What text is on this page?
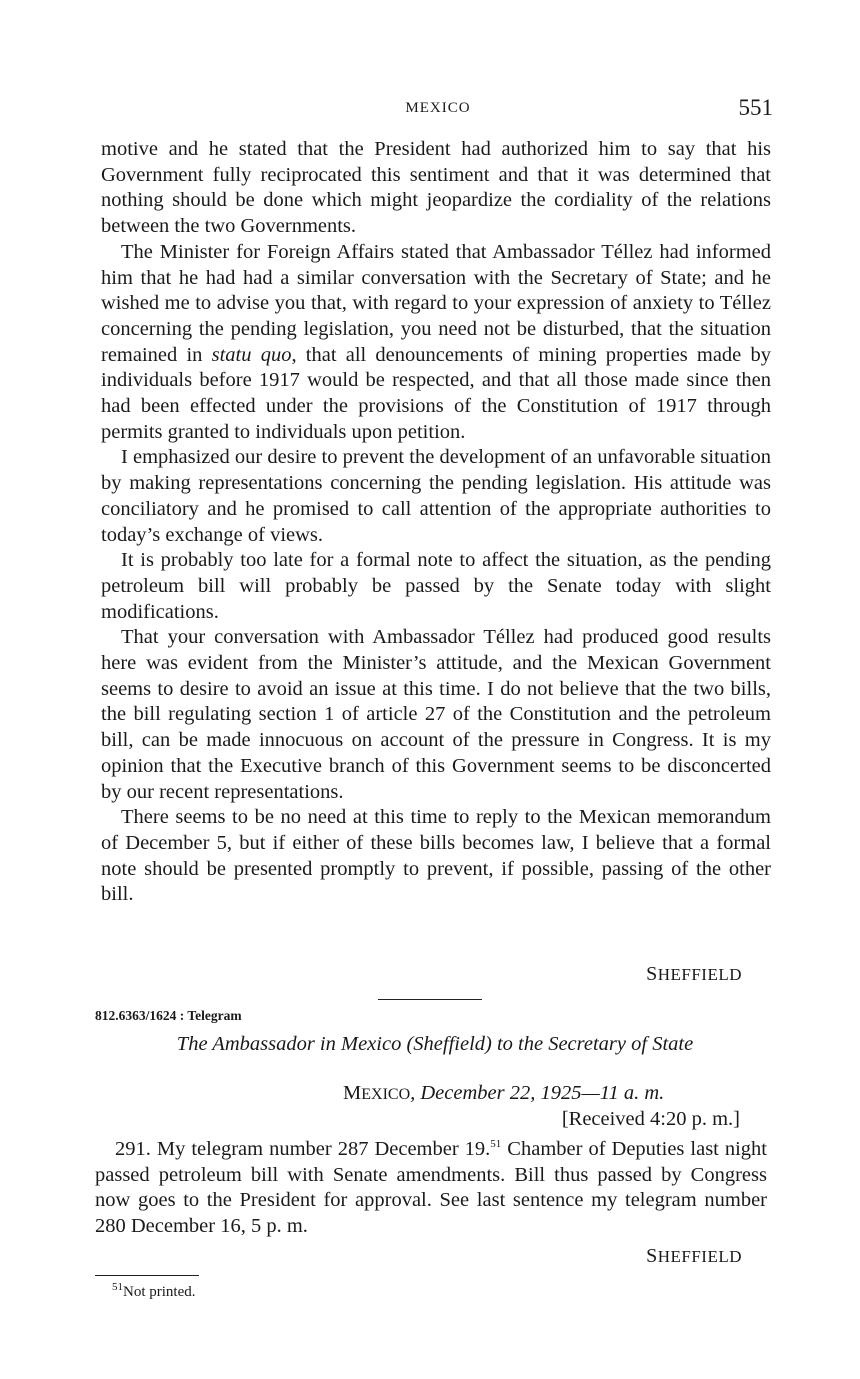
MEXICO	551

motive and he stated that the President had authorized him to say that his Government fully reciprocated this sentiment and that it was determined that nothing should be done which might jeopardize the cordiality of the relations between the two Governments.

The Minister for Foreign Affairs stated that Ambassador Téllez had informed him that he had had a similar conversation with the Secretary of State; and he wished me to advise you that, with regard to your expression of anxiety to Téllez concerning the pending legislation, you need not be disturbed, that the situation remained in statu quo, that all denouncements of mining properties made by individuals before 1917 would be respected, and that all those made since then had been effected under the provisions of the Constitution of 1917 through permits granted to individuals upon petition.

I emphasized our desire to prevent the development of an unfavorable situation by making representations concerning the pending legislation. His attitude was conciliatory and he promised to call attention of the appropriate authorities to today’s exchange of views.

It is probably too late for a formal note to affect the situation, as the pending petroleum bill will probably be passed by the Senate today with slight modifications.

That your conversation with Ambassador Téllez had produced good results here was evident from the Minister’s attitude, and the Mexican Government seems to desire to avoid an issue at this time. I do not believe that the two bills, the bill regulating section 1 of article 27 of the Constitution and the petroleum bill, can be made innocuous on account of the pressure in Congress. It is my opinion that the Executive branch of this Government seems to be disconcerted by our recent representations.

There seems to be no need at this time to reply to the Mexican memorandum of December 5, but if either of these bills becomes law, I believe that a formal note should be presented promptly to prevent, if possible, passing of the other bill.

SHEFFIELD
812.6363/1624 : Telegram
The Ambassador in Mexico (Sheffield) to the Secretary of State
MEXICO, December 22, 1925—11 a. m.
[Received 4:20 p. m.]

291. My telegram number 287 December 19.51 Chamber of Deputies last night passed petroleum bill with Senate amendments. Bill thus passed by Congress now goes to the President for approval. See last sentence my telegram number 280 December 16, 5 p. m.

SHEFFIELD
$^{51}$Not printed.
